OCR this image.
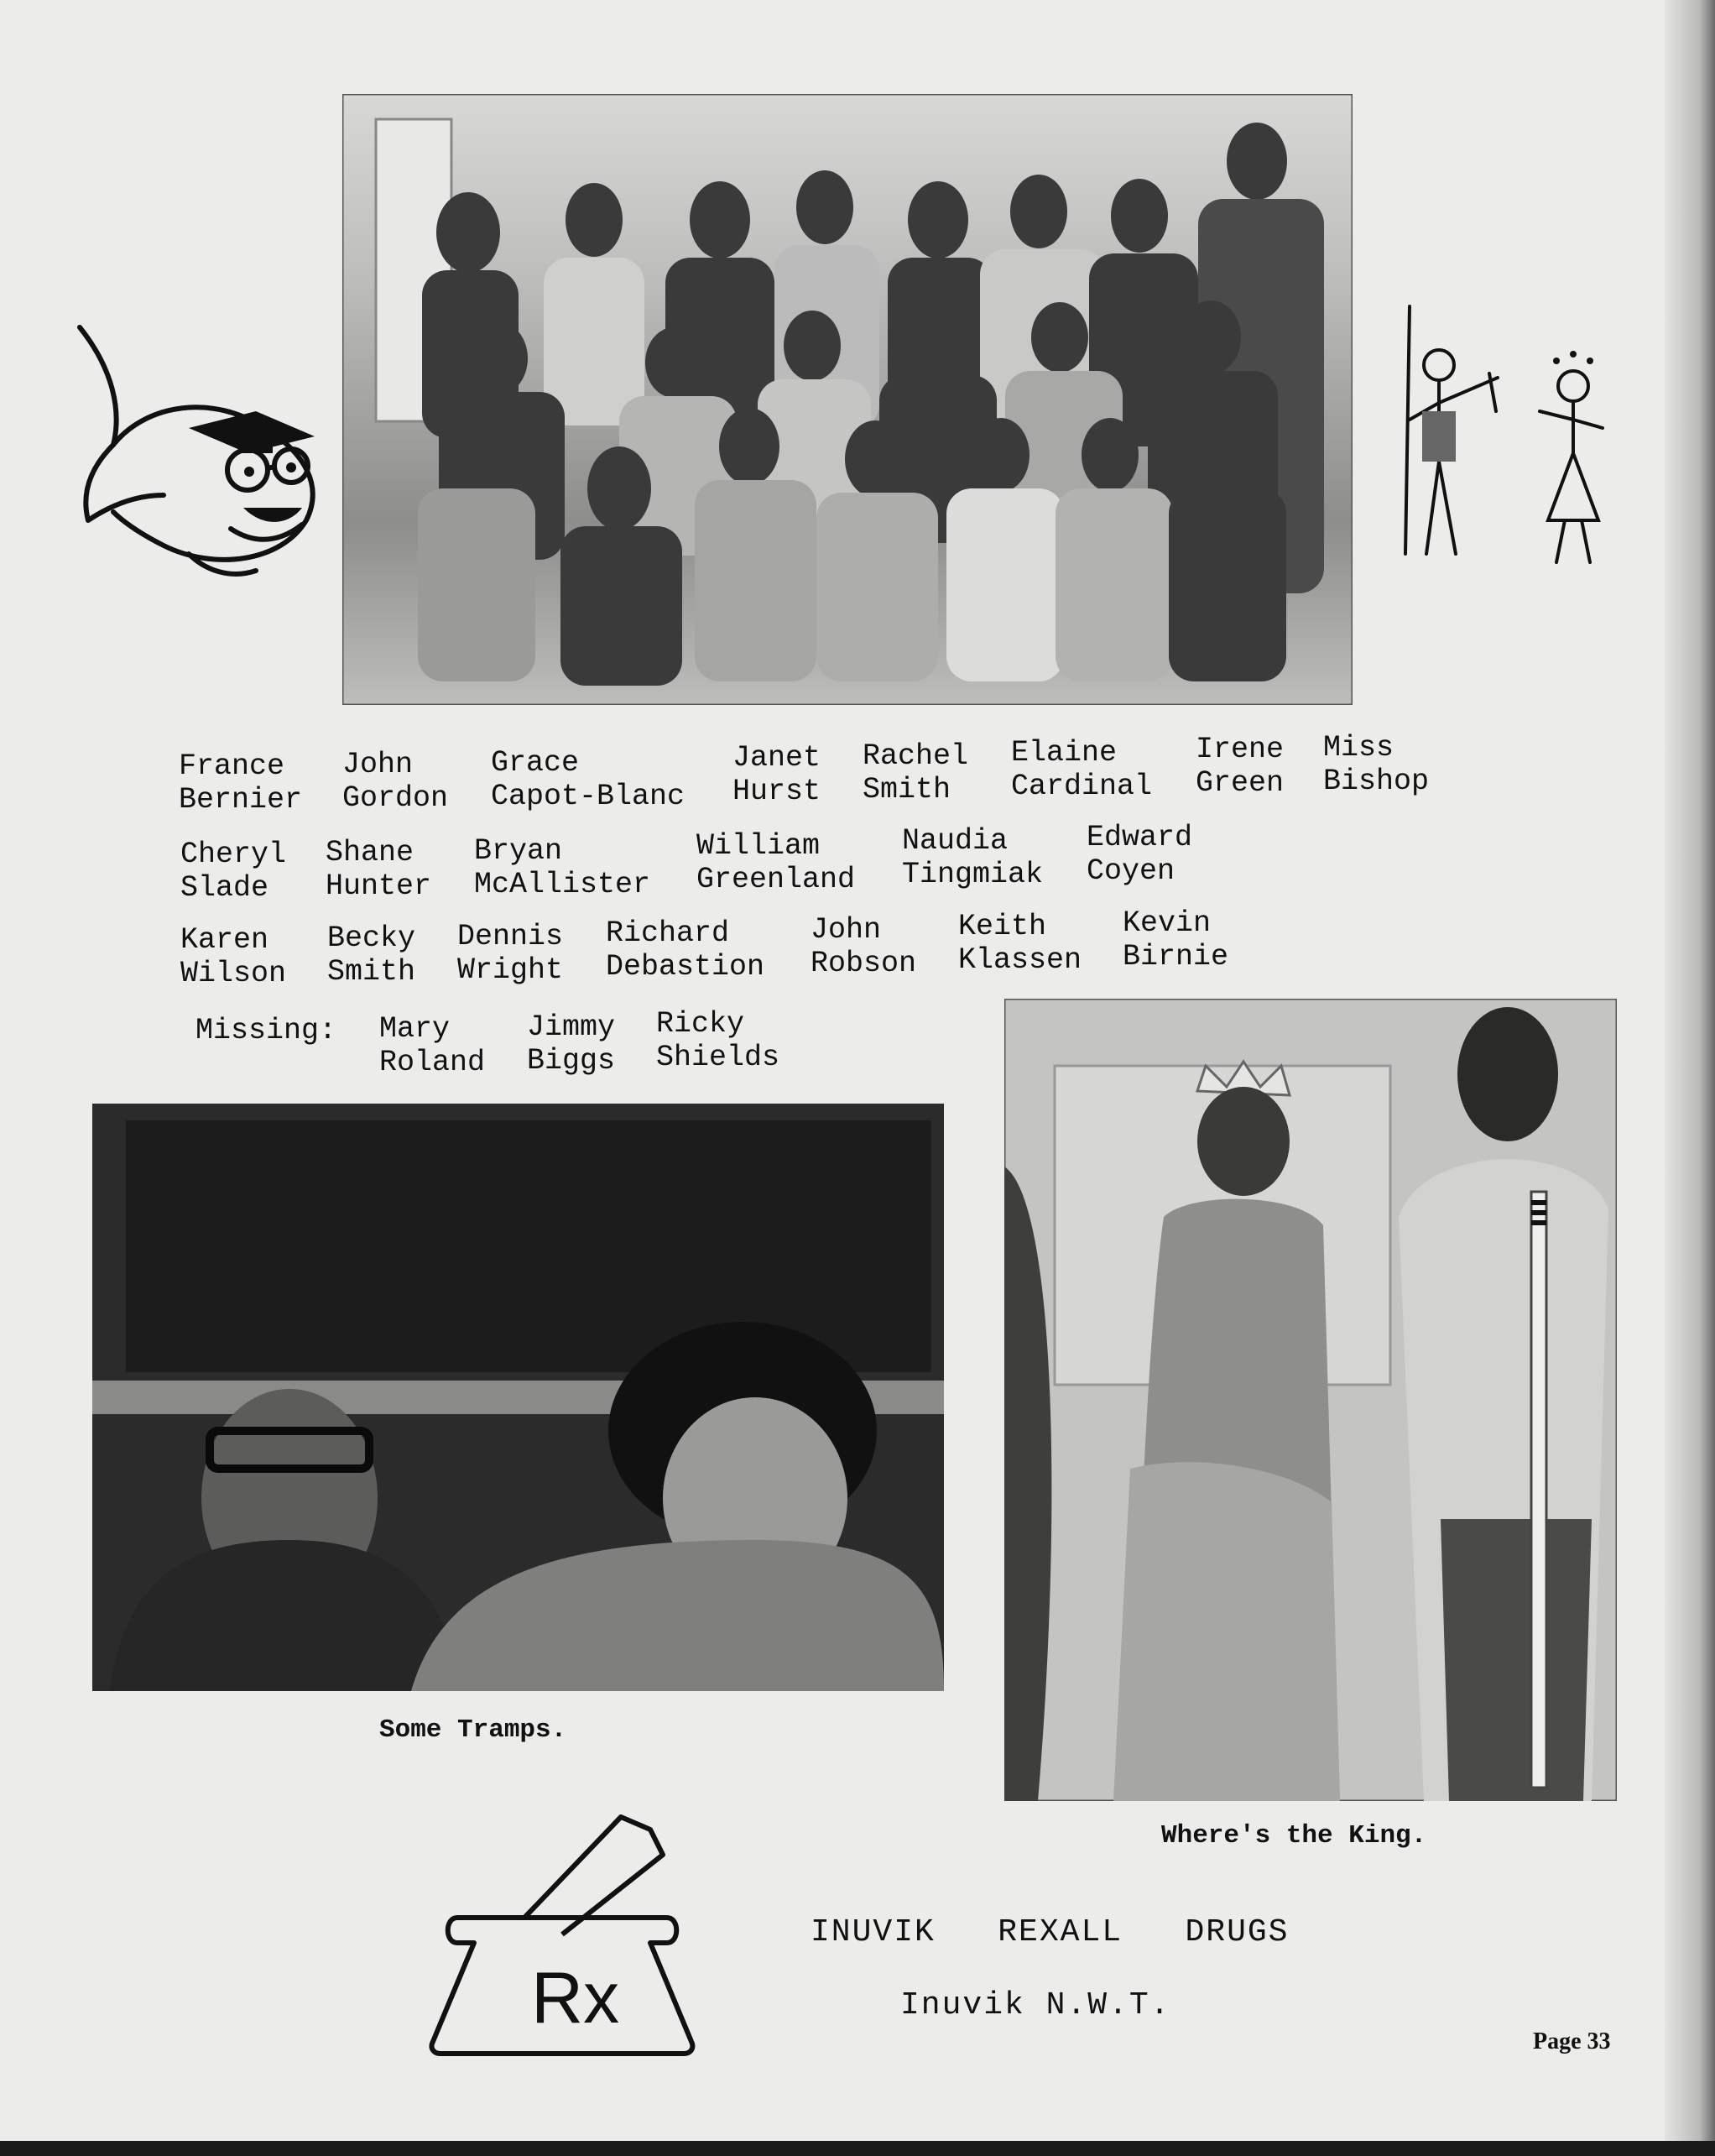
France
Bernier
John
Gordon
Grace
Capot-Blanc
Janet
Hurst
Rachel
Smith
Elaine
Cardinal
Irene
Green
Miss
Bishop
Cheryl
Slade
Shane
Hunter
Bryan
McAllister
William
Greenland
Naudia
Tingmiak
Edward
Coyen
Karen
Wilson
Becky
Smith
Dennis
Wright
Richard
Debastion
John
Robson
Keith
Klassen
Kevin
Birnie
Missing: Mary
Roland
Jimmy
Biggs
Ricky
Shields
Some Tramps.
Where's the King.
Rx
INUVIK   REXALL   DRUGS
Inuvik N.W.T.
Page 33
